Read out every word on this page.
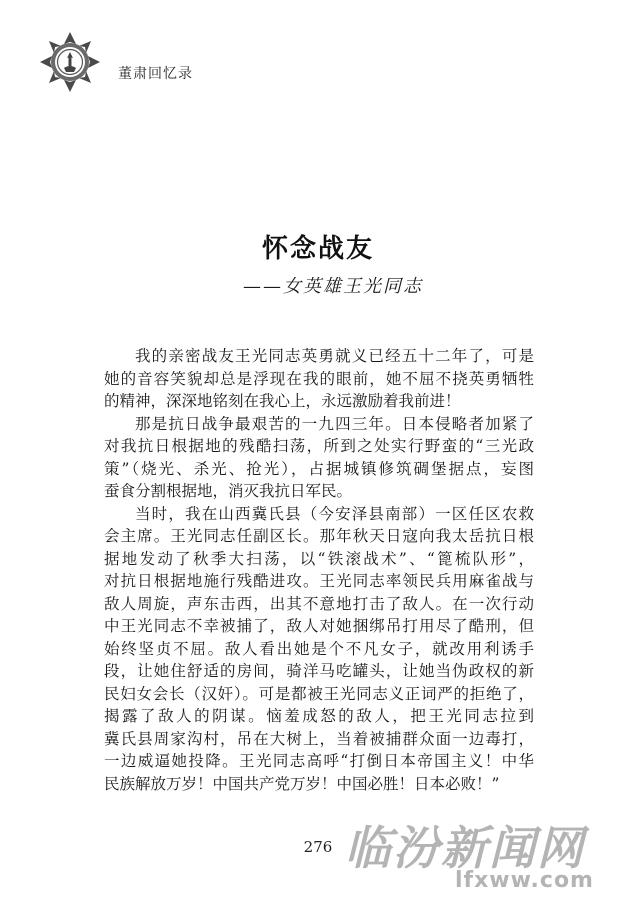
董肃回忆录
怀念战友
——女英雄王光同志
我的亲密战友王光同志英勇就义已经五十二年了，可是
她的音容笑貌却总是浮现在我的眼前，她不屈不挠英勇牺牲
的精神，深深地铭刻在我心上，永远激励着我前进！
那是抗日战争最艰苦的一九四三年。日本侵略者加紧了
对我抗日根据地的残酷扫荡，所到之处实行野蛮的“三光政
策”（烧光、杀光、抢光），占据城镇修筑碉堡据点，妄图
蚕食分割根据地，消灭我抗日军民。
当时，我在山西冀氏县（今安泽县南部）一区任区农救
会主席。王光同志任副区长。那年秋天日寇向我太岳抗日根
据地发动了秋季大扫荡，以“铁滚战术”、“篦梳队形”，
对抗日根据地施行残酷进攻。王光同志率领民兵用麻雀战与
敌人周旋，声东击西，出其不意地打击了敌人。在一次行动
中王光同志不幸被捕了，敌人对她捆绑吊打用尽了酷刑，但
始终坚贞不屈。敌人看出她是个不凡女子，就改用利诱手
段，让她住舒适的房间，骑洋马吃罐头，让她当伪政权的新
民妇女会长（汉奸）。可是都被王光同志义正词严的拒绝了，
揭露了敌人的阴谋。恼羞成怒的敌人，把王光同志拉到
冀氏县周家沟村，吊在大树上，当着被捕群众面一边毒打，
一边威逼她投降。王光同志高呼“打倒日本帝国主义！中华
民族解放万岁！中国共产党万岁！中国必胜！日本必败！”
276 临汾新闻网
lfxww.com
